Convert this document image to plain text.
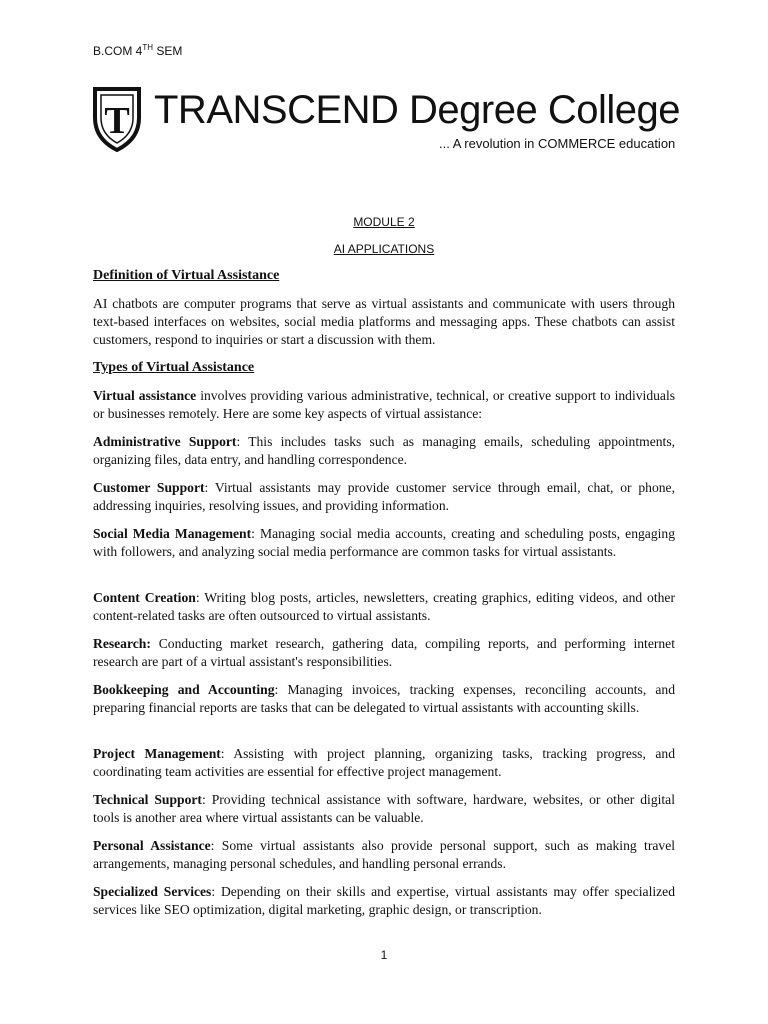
B.COM 4TH SEM
T TRANSCEND Degree College
... A revolution in COMMERCE education
MODULE 2
AI APPLICATIONS
Definition of Virtual Assistance

AI chatbots are computer programs that serve as virtual assistants and communicate with users through text-based interfaces on websites, social media platforms and messaging apps. These chatbots can assist customers, respond to inquiries or start a discussion with them.

Types of Virtual Assistance

Virtual assistance involves providing various administrative, technical, or creative support to individuals or businesses remotely. Here are some key aspects of virtual assistance:

Administrative Support: This includes tasks such as managing emails, scheduling appointments, organizing files, data entry, and handling correspondence.

Customer Support: Virtual assistants may provide customer service through email, chat, or phone, addressing inquiries, resolving issues, and providing information.

Social Media Management: Managing social media accounts, creating and scheduling posts, engaging with followers, and analyzing social media performance are common tasks for virtual assistants.

Content Creation: Writing blog posts, articles, newsletters, creating graphics, editing videos, and other content-related tasks are often outsourced to virtual assistants.

Research: Conducting market research, gathering data, compiling reports, and performing internet research are part of a virtual assistant's responsibilities.

Bookkeeping and Accounting: Managing invoices, tracking expenses, reconciling accounts, and preparing financial reports are tasks that can be delegated to virtual assistants with accounting skills.

Project Management: Assisting with project planning, organizing tasks, tracking progress, and coordinating team activities are essential for effective project management.

Technical Support: Providing technical assistance with software, hardware, websites, or other digital tools is another area where virtual assistants can be valuable.

Personal Assistance: Some virtual assistants also provide personal support, such as making travel arrangements, managing personal schedules, and handling personal errands.

Specialized Services: Depending on their skills and expertise, virtual assistants may offer specialized services like SEO optimization, digital marketing, graphic design, or transcription.

1
